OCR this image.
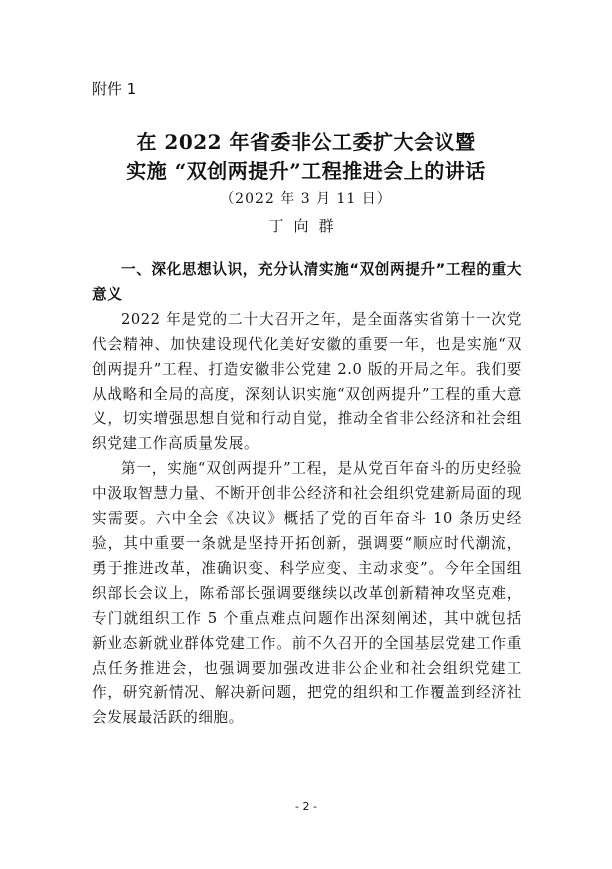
附件 1
在 2022 年省委非公工委扩大会议暨
实施 “双创两提升”工程推进会上的讲话
（2022 年 3 月 11 日）
丁向群

一、深化思想认识，充分认清实施“双创两提升”工程的重大意义

2022 年是党的二十大召开之年，是全面落实省第十一次党代会精神、加快建设现代化美好安徽的重要一年，也是实施“双创两提升”工程、打造安徽非公党建 2.0 版的开局之年。我们要从战略和全局的高度，深刻认识实施“双创两提升”工程的重大意义，切实增强思想自觉和行动自觉，推动全省非公经济和社会组织党建工作高质量发展。

第一，实施“双创两提升”工程，是从党百年奋斗的历史经验中汲取智慧力量、不断开创非公经济和社会组织党建新局面的现实需要。六中全会《决议》概括了党的百年奋斗 10 条历史经验，其中重要一条就是坚持开拓创新，强调要“顺应时代潮流，勇于推进改革，准确识变、科学应变、主动求变”。今年全国组织部长会议上，陈希部长强调要继续以改革创新精神攻坚克难，专门就组织工作 5 个重点难点问题作出深刻阐述，其中就包括新业态新就业群体党建工作。前不久召开的全国基层党建工作重点任务推进会，也强调要加强改进非公企业和社会组织党建工作，研究新情况、解决新问题，把党的组织和工作覆盖到经济社会发展最活跃的细胞。

- 2 -
